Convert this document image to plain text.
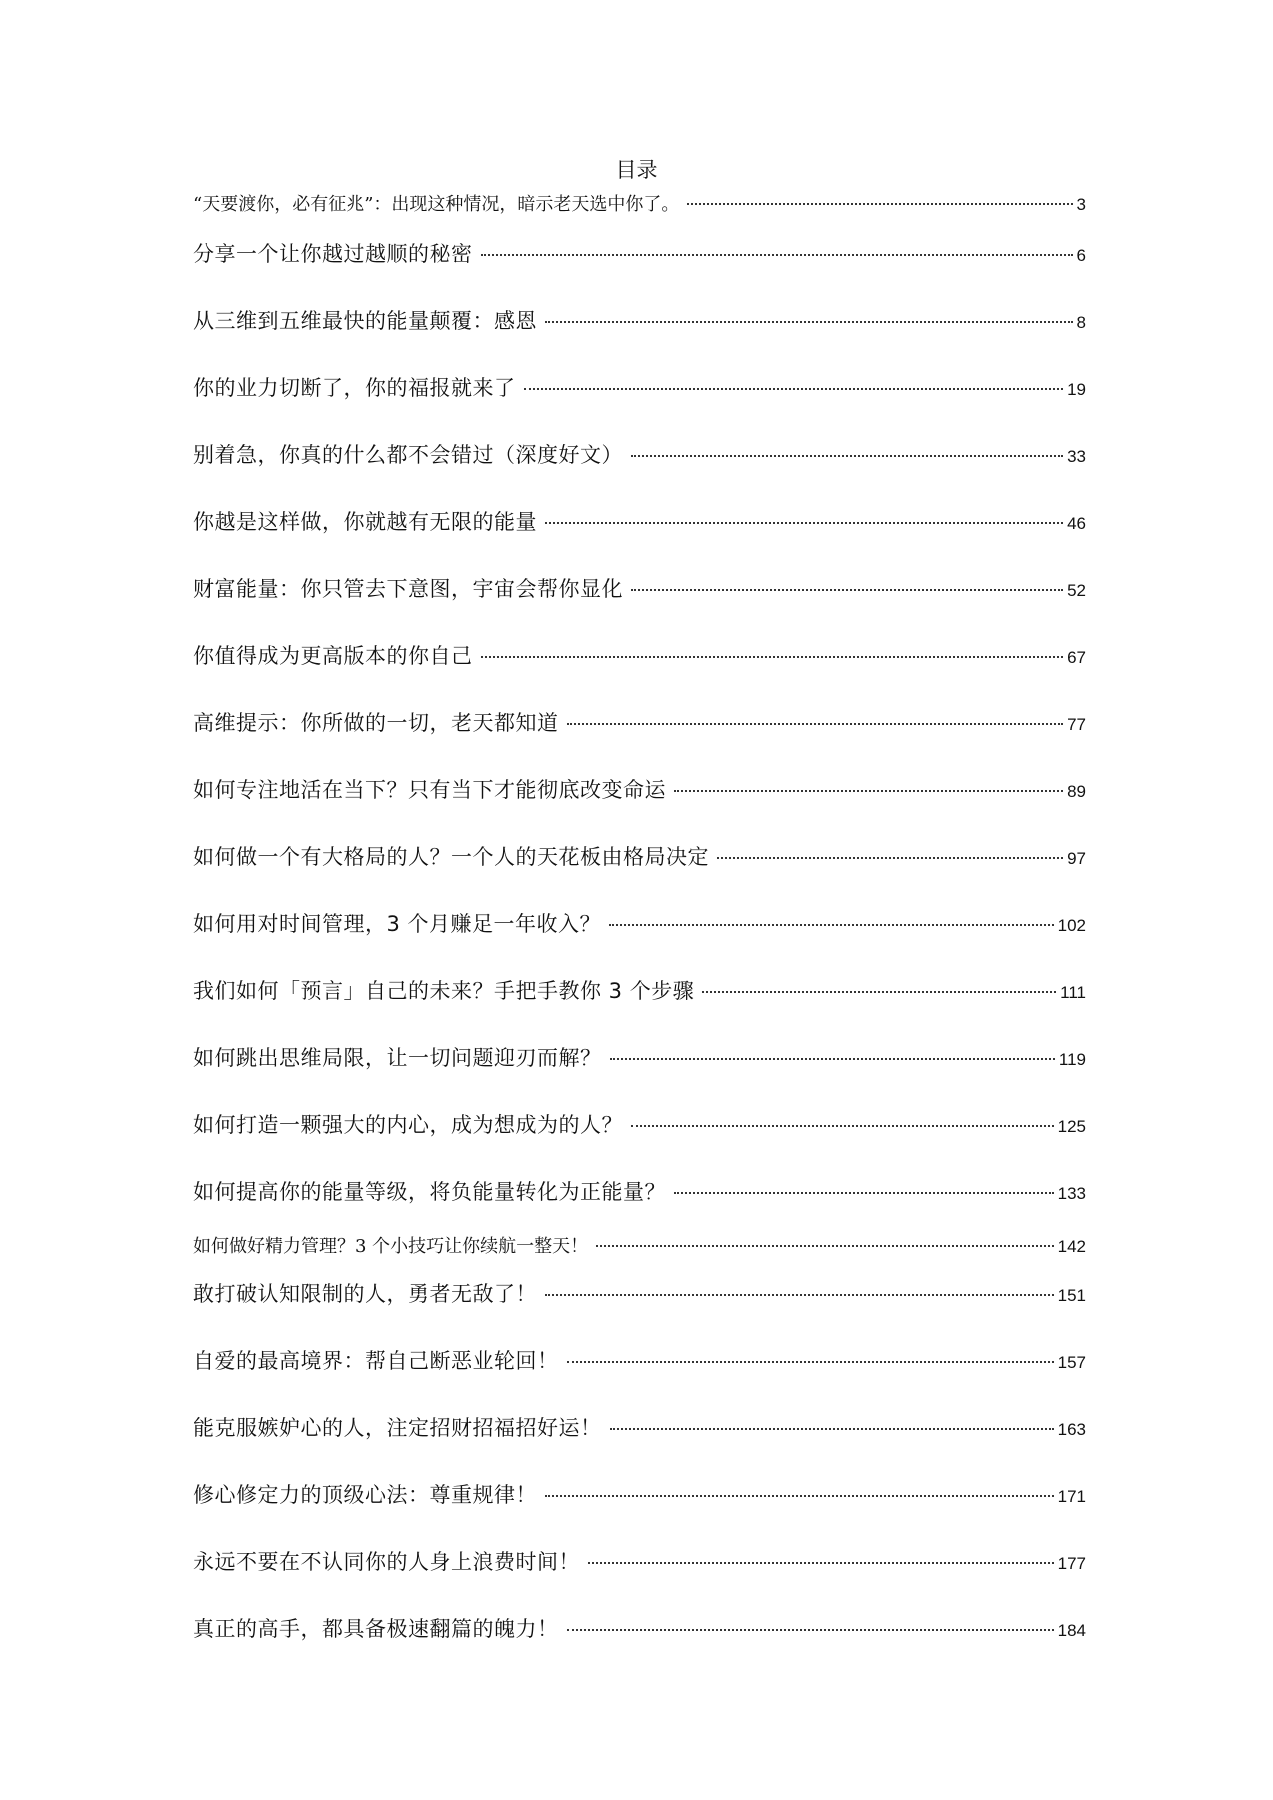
目录
“天要渡你，必有征兆”：出现这种情况，暗示老天选中你了。	3
分享一个让你越过越顺的秘密	6
从三维到五维最快的能量颠覆：感恩	8
你的业力切断了，你的福报就来了	19
别着急，你真的什么都不会错过（深度好文）	33
你越是这样做，你就越有无限的能量	46
财富能量：你只管去下意图，宇宙会帮你显化	52
你值得成为更高版本的你自己	67
高维提示：你所做的一切，老天都知道	77
如何专注地活在当下？只有当下才能彻底改变命运	89
如何做一个有大格局的人？一个人的天花板由格局决定	97
如何用对时间管理，3 个月赚足一年收入？	102
我们如何「预言」自己的未来？手把手教你 3 个步骤	111
如何跳出思维局限，让一切问题迎刃而解？	119
如何打造一颗强大的内心，成为想成为的人？	125
如何提高你的能量等级，将负能量转化为正能量？	133
如何做好精力管理？3 个小技巧让你续航一整天！	142
敢打破认知限制的人，勇者无敌了！	151
自爱的最高境界：帮自己断恶业轮回！	157
能克服嫉妒心的人，注定招财招福招好运！	163
修心修定力的顶级心法：尊重规律！	171
永远不要在不认同你的人身上浪费时间！	177
真正的高手，都具备极速翻篇的魄力！	184
